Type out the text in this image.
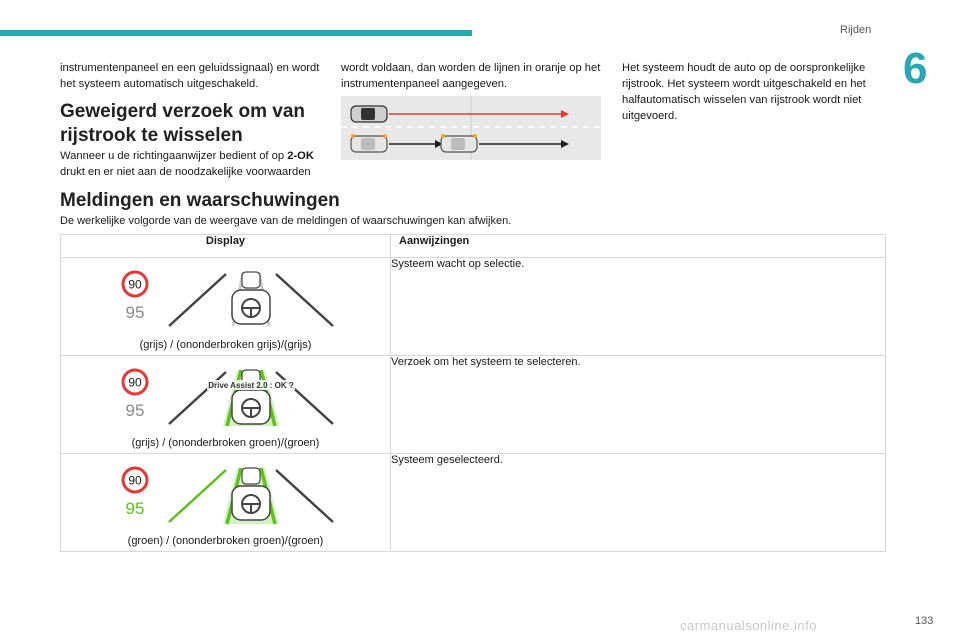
Rijden
6

instrumentenpaneel en een geluidssignaal) en wordt het systeem automatisch uitgeschakeld.

Geweigerd verzoek om van rijstrook te wisselen

Wanneer u de richtingaanwijzer bedient of op 2-OK drukt en er niet aan de noodzakelijke voorwaarden

wordt voldaan, dan worden de lijnen in oranje op het instrumentenpaneel aangegeven.

Het systeem houdt de auto op de oorspronkelijke rijstrook. Het systeem wordt uitgeschakeld en het halfautomatisch wisselen van rijstrook wordt niet uitgevoerd.

Meldingen en waarschuwingen
De werkelijke volgorde van de weergave van de meldingen of waarschuwingen kan afwijken.
Display	Aanwijzingen

90
95
(grijs) / (ononderbroken grijs)/(grijs)	Systeem wacht op selectie.

90
95
Drive Assist 2.0 : OK ?
(grijs) / (ononderbroken groen)/(groen)	Verzoek om het systeem te selecteren.

90
95
(groen) / (ononderbroken groen)/(groen)	Systeem geselecteerd.
carmanualsonline.info	133
